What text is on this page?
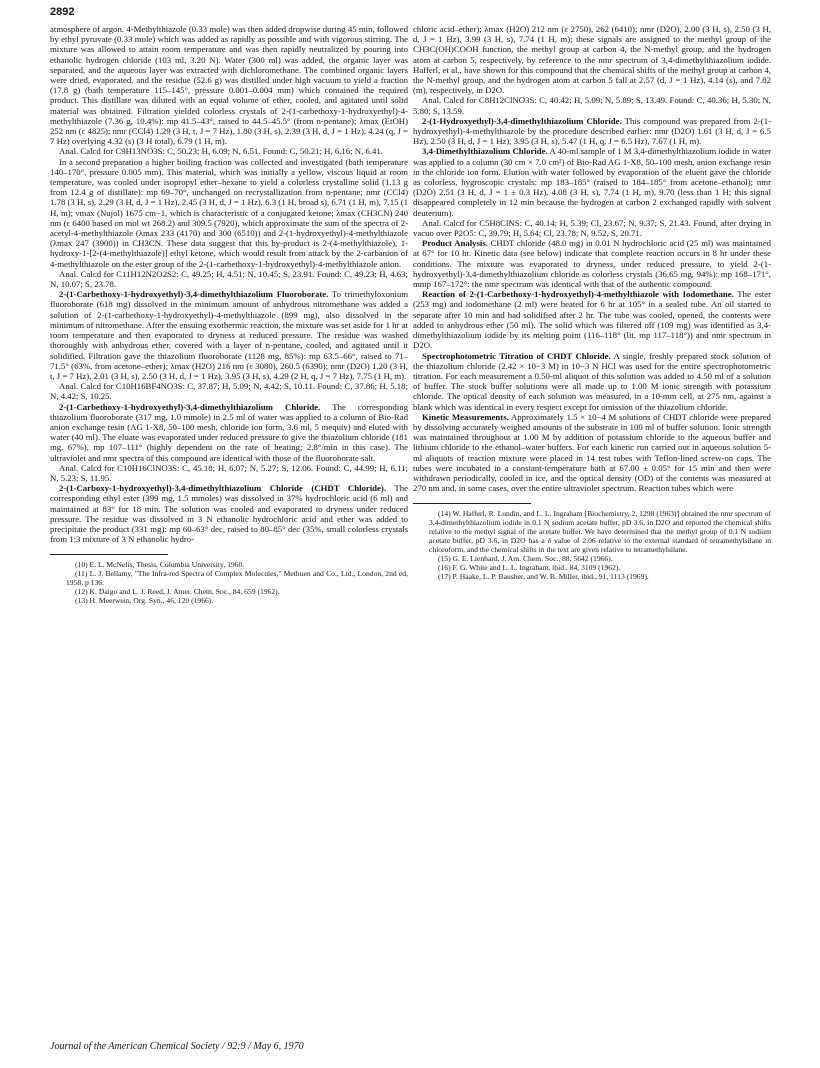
2892

atmosphere of argon. 4-Methylthiazole (0.33 mole) was then added dropwise during 45 min, followed by ethyl pyruvate (0.33 mole) which was added as rapidly as possible and with vigorous stirring. The mixture was allowed to attain room temperature and was then rapidly neutralized by pouring into ethanolic hydrogen chloride (103 ml, 3.20 N). Water (300 ml) was added, the organic layer was separated, and the aqueous layer was extracted with dichloromethane. The combined organic layers were dried, evaporated, and the residue (52.6 g) was distilled under high vacuum to yield a fraction (17.8 g) (bath temperature 115–145°, pressure 0.001–0.004 mm) which contained the required product. This distillate was diluted with an equal volume of ether, cooled, and agitated until solid material was obtained. Filtration yielded colorless crystals of 2-(1-carbethoxy-1-hydroxyethyl)-4-methylthiazole (7.36 g, 10.4%): mp 41.5–43°, raised to 44.5–45.5° (from n-pentane); λmax (EtOH) 252 nm (ε 4825); nmr (CCl4) 1.29 (3 H, t, J = 7 Hz), 1.80 (3 H, s), 2.39 (3 H, d, J = 1 Hz), 4.24 (q, J = 7 Hz) overlying 4.32 (s) (3 H total), 6.79 (1 H, m).

Anal. Calcd for C9H13NO3S: C, 50.23; H, 6.09; N, 6.51. Found: C, 50.21; H, 6.16; N, 6.41.

In a second preparation a higher boiling fraction was collected and investigated (bath temperature 140–170°, pressure 0.005 mm). This material, which was initially a yellow, viscous liquid at room temperature, was cooled under isopropyl ether–hexane to yield a colorless crystalline solid (1.13 g from 12.4 g of distillate): mp 69–70°, unchanged on recrystallization from n-pentane; nmr (CCl4) 1.78 (3 H, s), 2.29 (3 H, d, J = 1 Hz), 2.45 (3 H, d, J = 1 Hz), 6.3 (1 H, broad s), 6.71 (1 H, m), 7.15 (1 H, m); νmax (Nujol) 1675 cm−1, which is characteristic of a conjugated ketone; λmax (CH3CN) 240 nm (ε 6400 based on mol wt 268.2) and 309.5 (7920), which approximate the sum of the spectra of 2-acetyl-4-methylthiazole (λmax 233 (4170) and 300 (6510)) and 2-(1-hydroxyethyl)-4-methylthiazole (λmax 247 (3900)) in CH3CN. These data suggest that this by-product is 2-(4-methylthiazole), 1-hydroxy-1-[2-(4-methylthiazole)] ethyl ketone, which would result from attack by the 2-carbanion of 4-methylthiazole on the ester group of the 2-(1-carbethoxy-1-hydroxyethyl)-4-methylthiazole anion.

Anal. Calcd for C11H12N2O2S2: C, 49.25; H, 4.51; N, 10.45; S, 23.91. Found: C, 49.23; H, 4.63; N, 10.07; S, 23.78.

2-(1-Carbethoxy-1-hydroxyethyl)-3,4-dimethylthiazolium Fluoroborate. To trimethyloxonium fluoroborate (618 mg) dissolved in the minimum amount of anhydrous nitromethane was added a solution of 2-(1-carbethoxy-1-hydroxyethyl)-4-methylthiazole (899 mg), also dissolved in the minimum of nitromethane. After the ensuing exothermic reaction, the mixture was set aside for 1 hr at room temperature and then evaporated to dryness at reduced pressure. The residue was washed thoroughly with anhydrous ether, covered with a layer of n-pentane, cooled, and agitated until it solidified. Filtration gave the thiazolium fluoroborate (1128 mg, 85%): mp 63.5–66°, raised to 71–71.5° (63%, from acetone–ether); λmax (H2O) 216 nm (ε 3080), 260.5 (6390); nmr (D2O) 1.20 (3 H, t, J = 7 Hz), 2.01 (3 H, s), 2.50 (3 H, d, J = 1 Hz), 3.95 (3 H, s), 4.29 (2 H, q, J = 7 Hz), 7.75 (1 H, m).

Anal. Calcd for C10H16BF4NO3S: C, 37.87; H, 5.09; N, 4.42; S, 10.11. Found: C, 37.86; H, 5.18; N, 4.42; S, 10.25.

2-(1-Carbethoxy-1-hydroxyethyl)-3,4-dimethylthiazolium Chloride. The corresponding thiazolium fluoroborate (317 mg, 1.0 mmole) in 2.5 ml of water was applied to a column of Bio-Rad anion exchange resin (AG 1-X8, 50–100 mesh, chloride ion form, 3.6 ml, 5 mequiv) and eluted with water (40 ml). The eluate was evaporated under reduced pressure to give the thiazolium chloride (181 mg, 67%), mp 107–111° (highly dependent on the rate of heating; 2.8°/min in this case). The ultraviolet and nmr spectra of this compound are identical with those of the fluoroborate salt.

Anal. Calcd for C10H16ClNO3S: C, 45.18; H, 6.07; N, 5.27; S, 12.06. Found: C, 44.99; H, 6.11; N, 5.23; S, 11.95.

2-(1-Carboxy-1-hydroxyethyl)-3,4-dimethylthiazolium Chloride (CHDT Chloride). The corresponding ethyl ester (399 mg, 1.5 mmoles) was dissolved in 37% hydrochloric acid (6 ml) and maintained at 83° for 18 min. The solution was cooled and evaporated to dryness under reduced pressure. The residue was dissolved in 3 N ethanolic hydrochloric acid and ether was added to precipitate the product (331 mg): mp 60–63° dec, raised to 80–85° dec (35%, small colorless crystals from 1:3 mixture of 3 N ethanolic hydro-

(10) E. L. McNelis, Thesis, Columbia University, 1960.

(11) L. J. Bellamy, "The Infra-red Spectra of Complex Molecules," Methuen and Co., Ltd., London, 2nd ed, 1958, p 136.

(12) K. Daigo and L. J. Reed, J. Amer. Chem. Soc., 84, 659 (1962).

(13) H. Meerwein, Org. Syn., 46, 120 (1966).

chloric acid–ether); λmax (H2O) 212 nm (ε 2750), 262 (6410); nmr (D2O), 2.00 (3 H, s), 2.50 (3 H, d, J = 1 Hz), 3.99 (3 H, s), 7.74 (1 H, m); these signals are assigned to the methyl group of the CH3C(OH)COOH function, the methyl group at carbon 4, the N-methyl group, and the hydrogen atom at carbon 5, respectively, by reference to the nmr spectrum of 3,4-dimethylthiazolium iodide. Hafferl, et al., have shown for this compound that the chemical shifts of the methyl group at carbon 4, the N-methyl group, and the hydrogen atom at carbon 5 fall at 2.57 (d, J = 1 Hz), 4.14 (s), and 7.82 (m), respectively, in D2O.

Anal. Calcd for C8H12ClNO3S: C, 40.42; H, 5.09; N, 5.89; S, 13.49. Found: C, 40.36; H, 5.30; N, 5.80; S, 13.59.

2-(1-Hydroxyethyl)-3,4-dimethylthiazolium Chloride. This compound was prepared from 2-(1-hydroxyethyl)-4-methylthiazole by the procedure described earlier: nmr (D2O) 1.61 (3 H, d, J = 6.5 Hz), 2.50 (3 H, d, J = 1 Hz), 3.95 (3 H, s), 5.47 (1 H, q, J = 6.5 Hz), 7.67 (1 H, m).

3,4-Dimethylthiazolium Chloride. A 40-ml sample of 1 M 3,4-dimethylthiazolium iodide in water was applied to a column (30 cm × 7.0 cm²) of Bio-Rad AG 1-X8, 50–100 mesh, anion exchange resin in the chloride ion form. Elution with water followed by evaporation of the eluent gave the chloride as colorless, hygroscopic crystals: mp 183–185° (raised to 184–185° from acetone–ethanol); nmr (D2O) 2.51 (3 H, d, J = 1 ± 0.3 Hz), 4.08 (3 H, s), 7.74 (1 H, m), 9.70 (less than 1 H; this signal disappeared completely in 12 min because the hydrogen at carbon 2 exchanged rapidly with solvent deuterium).

Anal. Calcd for C5H8ClNS: C, 40.14; H, 5.39; Cl, 23.67; N, 9.37; S, 21.43. Found, after drying in vacuo over P2O5: C, 39.79; H, 5.64; Cl, 23.78; N, 9.52, S, 20.71.

Product Analysis. CHDT chloride (48.0 mg) in 0.01 N hydrochloric acid (25 ml) was maintained at 67° for 10 hr. Kinetic data (see below) indicate that complete reaction occurs in 8 hr under these conditions. The mixture was evaporated to dryness, under reduced pressure, to yield 2-(1-hydroxyethyl)-3,4-dimethylthiazolium chloride as colorless crystals (36.65 mg, 94%): mp 168–171°, mmp 167–172°: the nmr spectrum was identical with that of the authentic compound.

Reaction of 2-(1-Carbethoxy-1-hydroxyethyl)-4-methylthiazole with Iodomethane. The ester (253 mg) and iodomethane (2 ml) were heated for 6 hr at 105° in a sealed tube. An oil started to separate after 10 min and had solidified after 2 hr. The tube was cooled, opened, the contents were added to anhydrous ether (50 ml). The solid which was filtered off (109 mg) was identified as 3,4-dimethylthiazolium iodide by its melting point (116–118° (lit. mp 117–118°)) and nmr spectrum in D2O.

Spectrophotometric Titration of CHDT Chloride. A single, freshly prepared stock solution of the thiazolium chloride (2.42 × 10−3 M) in 10−3 N HCl was used for the entire spectrophotometric titration. For each measurement a 0.50-ml aliquot of this solution was added to 4.50 ml of a solution of buffer. The stock buffer solutions were all made up to 1.00 M ionic strength with potassium chloride. The optical density of each solution was measured, in a 10-mm cell, at 275 nm, against a blank which was identical in every respect except for omission of the thiazolium chloride.

Kinetic Measurements. Approximately 1.5 × 10−4 M solutions of CHDT chloride were prepared by dissolving accurately weighed amounts of the substrate in 100 ml of buffer solution. Ionic strength was maintained throughout at 1.00 M by addition of potassium chloride to the aqueous buffer and lithium chloride to the ethanol–water buffers. For each kinetic run carried out in aqueous solution 5-ml aliquots of reaction mixture were placed in 14 test tubes with Teflon-lined screw-on caps. The tubes were incubated in a constant-temperature bath at 67.00 ± 0.05° for 15 min and then were withdrawn periodically, cooled in ice, and the optical density (OD) of the contents was measured at 270 nm and, in some cases, over the entire ultraviolet spectrum. Reaction tubes which were

(14) W. Hafferl, R. Lundin, and L. L. Ingraham [Biochemistry, 2, 1298 (1963)] obtained the nmr spectrum of 3,4-dimethylthiazolium iodide in 0.1 N sodium acetate buffer, pD 3.6, in D2O and reported the chemical shifts relative to the methyl signal of the acetate buffer. We have determined that the methyl group of 0.1 N sodium acetate buffer, pD 3.6, in D2O has a δ value of 2.06 relative to the external standard of tetramethylsilane in chloroform, and the chemical shifts in the text are given relative to tetramethylsilane.

(15) G. E. Lienhard, J. Am. Chem. Soc., 88, 5642 (1966).

(16) F. G. White and L. L. Ingraham, ibid., 84, 3109 (1962).

(17) P. Haake, L. P. Bausher, and W. B. Miller, ibid., 91, 1113 (1969).

Journal of the American Chemical Society / 92:9 / May 6, 1970
